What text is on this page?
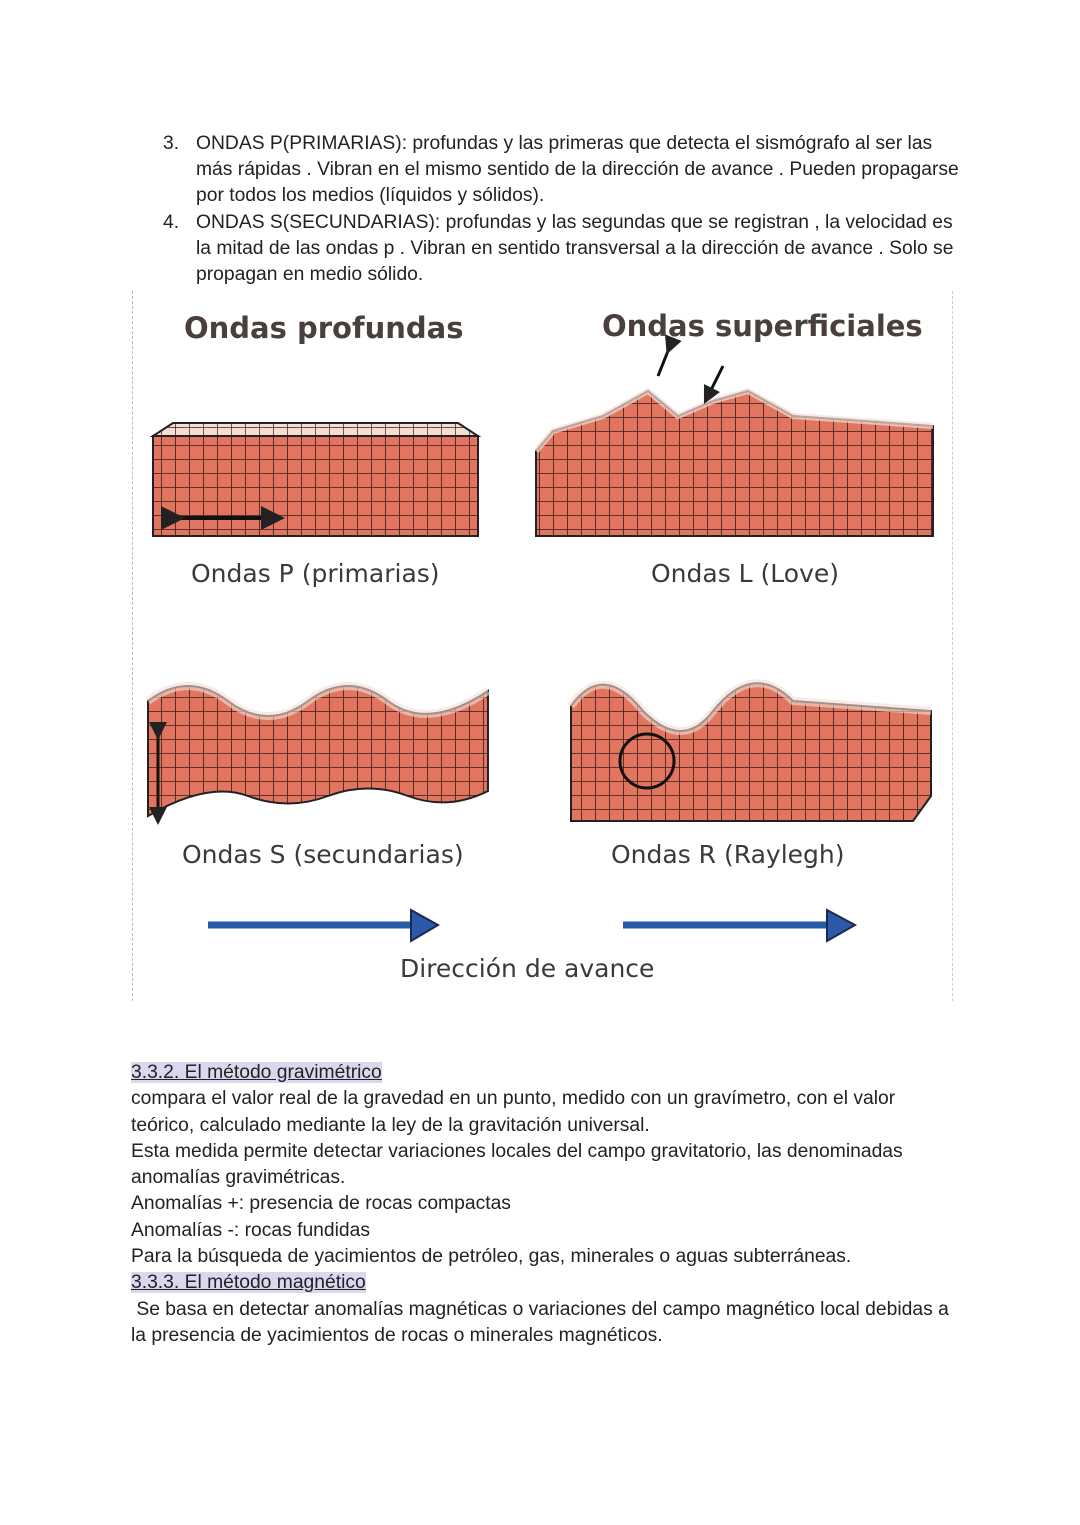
3. ONDAS P(PRIMARIAS): profundas y las primeras que detecta el sismógrafo al ser las más rápidas . Vibran en el mismo sentido de la dirección de avance . Pueden propagarse por todos los medios (líquidos y sólidos).
4. ONDAS S(SECUNDARIAS): profundas y las segundas que se registran , la velocidad es la mitad de las ondas p . Vibran en sentido transversal a la dirección de avance . Solo se propagan en medio sólido.
Ondas profundas	Ondas superficiales
Ondas P (primarias)	Ondas L (Love)
Ondas S (secundarias)	Ondas R (Raylegh)
Dirección de avance

3.3.2. El método gravimétrico

compara el valor real de la gravedad en un punto, medido con un gravímetro, con el valor teórico, calculado mediante la ley de la gravitación universal.

Esta medida permite detectar variaciones locales del campo gravitatorio, las denominadas anomalías gravimétricas.

Anomalías +: presencia de rocas compactas

Anomalías -: rocas fundidas

Para la búsqueda de yacimientos de petróleo, gas, minerales o aguas subterráneas.

3.3.3. El método magnético

Se basa en detectar anomalías magnéticas o variaciones del campo magnético local debidas a la presencia de yacimientos de rocas o minerales magnéticos.
